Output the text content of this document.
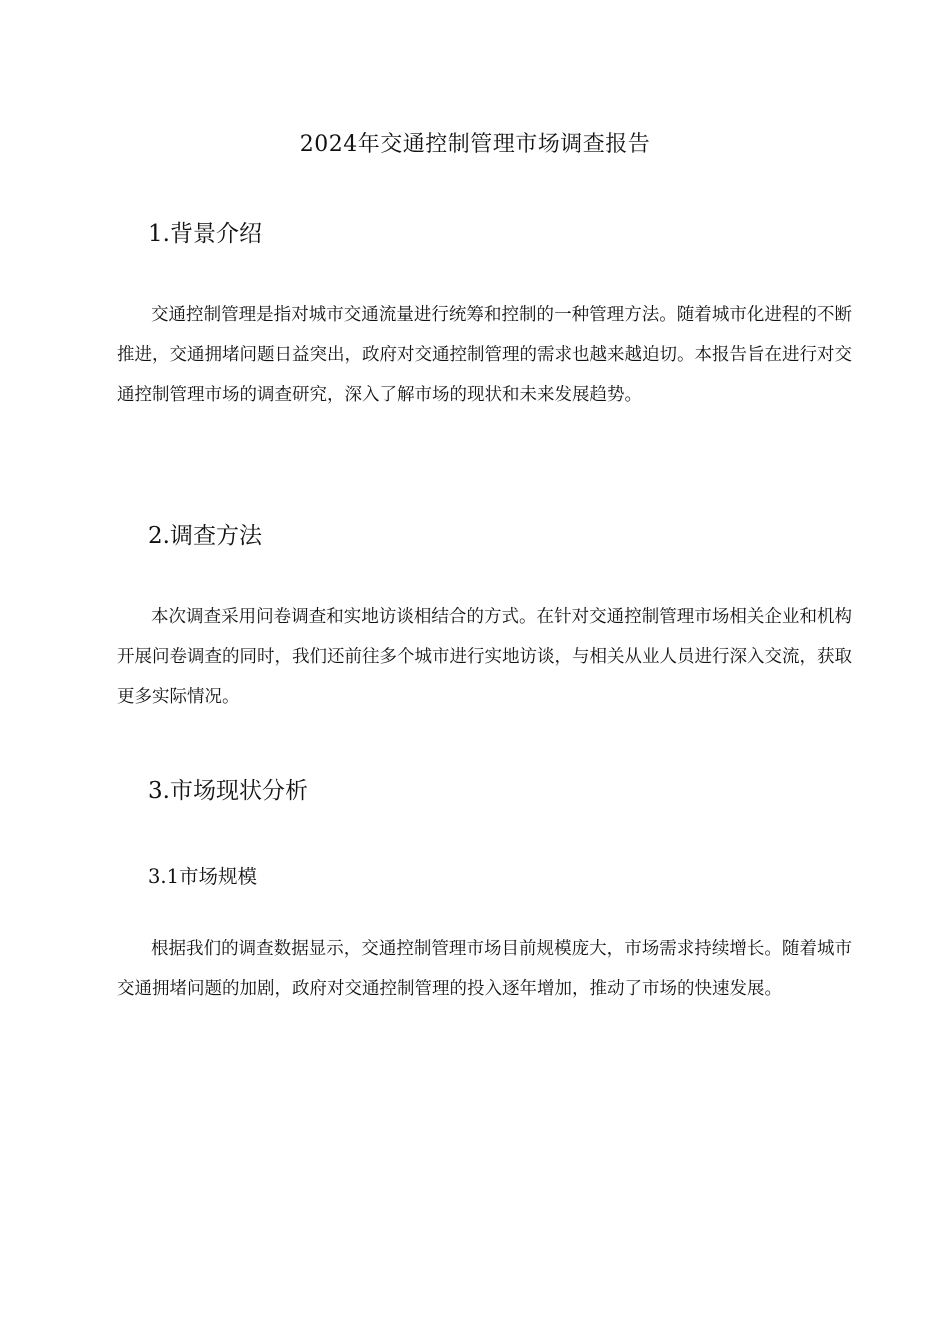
2024年交通控制管理市场调查报告
1.背景介绍
交通控制管理是指对城市交通流量进行统筹和控制的一种管理方法。随着城市化进程的不断推进，交通拥堵问题日益突出，政府对交通控制管理的需求也越来越迫切。本报告旨在进行对交通控制管理市场的调查研究，深入了解市场的现状和未来发展趋势。
2.调查方法
本次调查采用问卷调查和实地访谈相结合的方式。在针对交通控制管理市场相关企业和机构开展问卷调查的同时，我们还前往多个城市进行实地访谈，与相关从业人员进行深入交流，获取更多实际情况。
3.市场现状分析
3.1市场规模
根据我们的调查数据显示，交通控制管理市场目前规模庞大，市场需求持续增长。随着城市交通拥堵问题的加剧，政府对交通控制管理的投入逐年增加，推动了市场的快速发展。
